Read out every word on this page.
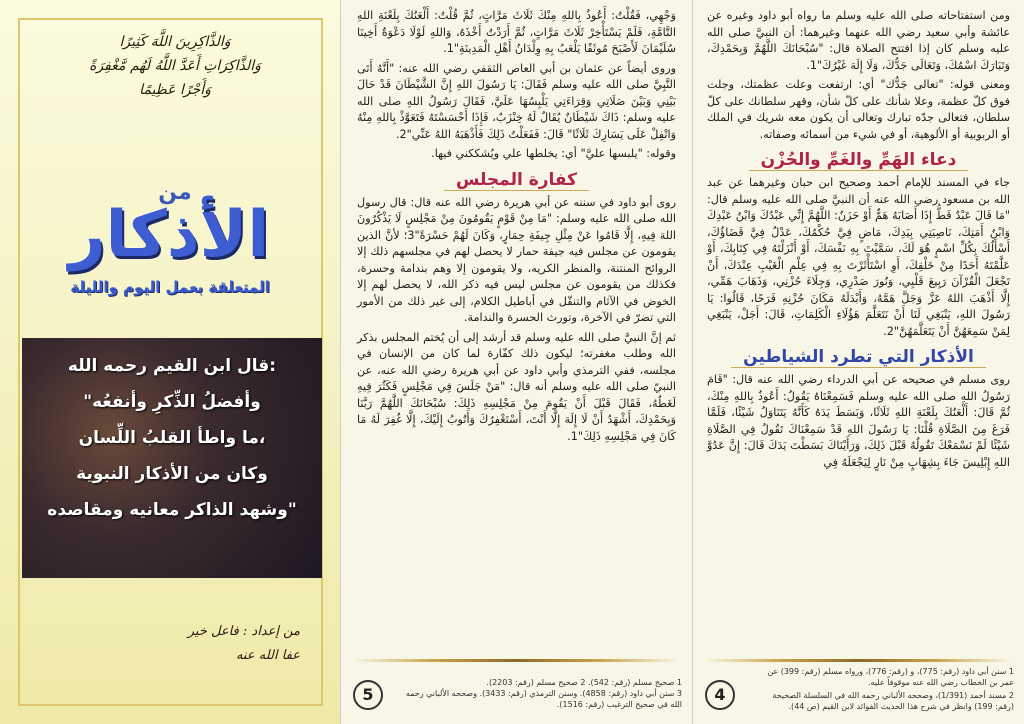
وَالذَّاكِرِينَ اللَّهَ كَثِيرًا
وَالذَّاكِرَاتِ أَعَدَّ اللَّهُ لَهُم مَّغْفِرَةً
وَأَجْرًا عَظِيمًا
من
الأذكار
المتعلقة بعمل اليوم والليلة
قال ابن القيم رحمه الله:
"وأفضلُ الذِّكرِ وأنفعُه
ما واطأ القلبُ اللِّسان،
وكان من الأذكار النبوية
وشهد الذاكر معانيه ومقاصده"
من إعداد : فاعل خير
عفا الله عنه

وَجْهِي، فَقُلْتُ: أَعُوذُ بِاللهِ مِنْكَ ثَلَاثَ مَرَّاتٍ، ثُمَّ قُلْتُ: أَلْعَنُكَ بِلَعْنَةِ اللهِ التَّامَّةِ، فَلَمْ يَسْتَأْخِرْ ثَلَاثَ مَرَّاتٍ، ثُمَّ أَرَدْتُ أَخْذَهُ، وَاللهِ لَوْلَا دَعْوَةُ أَخِينَا سُلَيْمَانَ لَأَصْبَحَ مُوثَقًا يَلْعَبُ بِهِ وِلْدَانُ أَهْلِ الْمَدِينَةِ"1.

وروى أيضاً عن عثمان بن أبي العاص الثقفي رضي الله عنه: "أَنَّهُ أَتَى النَّبِيَّ صلى الله عليه وسلم فَقَالَ: يَا رَسُولَ اللهِ إِنَّ الشَّيْطَانَ قَدْ حَالَ بَيْنِي وَبَيْنَ صَلَاتِي وَقِرَاءَتِي يَلْبِسُهَا عَلَيَّ، فَقَالَ رَسُولُ اللهِ صلى الله عليه وسلم: ذَاكَ شَيْطَانٌ يُقَالُ لَهُ خِنْزَبٌ، فَإِذَا أَحْسَسْتَهُ فَتَعَوَّذْ بِاللهِ مِنْهُ وَاتْفِلْ عَلَى يَسَارِكَ ثَلَاثًا" قَالَ: فَفَعَلْتُ ذَلِكَ فَأَذْهَبَهُ اللهُ عَنِّي"2.

وقوله: "يلبسها عليَّ" أي: يخلطها علي ويُشككني فيها.

كفارة المجلس

روى أبو داود في سننه عن أبي هريرة رضي الله عنه قال: قال رسول الله صلى الله عليه وسلم: "مَا مِنْ قَوْمٍ يَقُومُونَ مِنْ مَجْلِسٍ لَا يَذْكُرُونَ اللهَ فِيهِ، إِلَّا قَامُوا عَنْ مِثْلِ جِيفَةِ حِمَارٍ، وَكَانَ لَهُمْ حَسْرَةً"3؛ لأنَّ الذين يقومون عن مجلس فيه جيفة حمار لا يحصل لهم في مجلسهم ذلك إلا الروائح المنتنة، والمنظر الكريه، ولا يقومون إلا وهم بندامة وحسرة، فكذلك من يقومون عن مجلس ليس فيه ذكر الله، لا يحصل لهم إلا الخوض في الآثام والتنقّل في أباطيل الكلام، إلى غير ذلك من الأمور التي تضرّ في الآخرة، وتورث الحسرة والندامة.

ثم إنَّ النبيَّ صلى الله عليه وسلم قد أرشد إلى أن يُختم المجلس بذكر الله وطلب مغفرته؛ ليكون ذلك كفّارة لما كان من الإنسان في مجلسه، ففي الترمذي وأبي داود عن أبي هريرة رضي الله عنه، عن النبيّ صلى الله عليه وسلم أنه قال: "مَنْ جَلَسَ فِي مَجْلِسٍ فَكَثُرَ فِيهِ لَغَطُهُ، فَقَالَ قَبْلَ أَنْ يَقُومَ مِنْ مَجْلِسِهِ ذَلِكَ: سُبْحَانَكَ اللَّهُمَّ رَبَّنَا وَبِحَمْدِكَ، أَشْهَدُ أَنْ لَا إِلَهَ إِلَّا أَنْتَ، أَسْتَغْفِرُكَ وَأَتُوبُ إِلَيْكَ، إِلَّا غُفِرَ لَهُ مَا كَانَ فِي مَجْلِسِهِ ذَلِكَ"1.

1 صحيح مسلم (رقم: 542). 2 صحيح مسلم (رقم: 2203).
3 سنن أبي داود (رقم: 4858). وسنن الترمذي (رقم: 3433). وصححه الألباني رحمه الله في صحيح الترغيب (رقم: 1516).
5

ومن استفتاحاته صلى الله عليه وسلم ما رواه أبو داود وغيره عن عائشة وأبي سعيد رضي الله عنهما وغيرهما: أن النبيَّ صلى الله عليه وسلم كان إذا افتتح الصلاة قال: "سُبْحَانَكَ اللَّهُمَّ وَبِحَمْدِكَ، وَتَبَارَكَ اسْمُكَ، وَتَعَالَى جَدُّكَ، وَلَا إِلَهَ غَيْرُكَ"1.

ومعنى قوله: "تعالى جَدُّك" أي: ارتفعت وعلت عظمتك، وجلت فوق كلّ عظمة، وعلا شأنك على كلّ شأن، وقهر سلطانك على كلّ سلطان، فتعالى جدّه تبارك وتعالى أن يكون معه شريك في الملك أو الربوبية أو الألوهية، أو في شيء من أسمائه وصفاته.

دعاء الهَمِّ والغَمِّ والحُزْن

جاء في المسند للإمام أحمد وصحيح ابن حبان وغيرهما عن عبد الله بن مسعود رضي الله عنه أن النبيَّ صلى الله عليه وسلم قال: "مَا قَالَ عَبْدٌ قَطُّ إِذَا أَصَابَهُ هَمٌّ أَوْ حَزَنٌ: اللَّهُمَّ إِنِّي عَبْدُكَ وَابْنُ عَبْدِكَ وَابْنُ أَمَتِكَ، نَاصِيَتِي بِيَدِكَ، مَاضٍ فِيَّ حُكْمُكَ، عَدْلٌ فِيَّ قَضَاؤُكَ، أَسْأَلُكَ بِكُلِّ اسْمٍ هُوَ لَكَ، سَمَّيْتَ بِهِ نَفْسَكَ، أَوْ أَنْزَلْتَهُ فِي كِتَابِكَ، أَوْ عَلَّمْتَهُ أَحَدًا مِنْ خَلْقِكَ، أَوِ اسْتَأْثَرْتَ بِهِ فِي عِلْمِ الْغَيْبِ عِنْدَكَ، أَنْ تَجْعَلَ الْقُرْآنَ رَبِيعَ قَلْبِي، وَنُورَ صَدْرِي، وَجِلَاءَ حُزْنِي، وَذَهَابَ هَمِّي، إِلَّا أَذْهَبَ اللهُ عَزَّ وَجَلَّ هَمَّهُ، وَأَبْدَلَهُ مَكَانَ حُزْنِهِ فَرَحًا، قَالُوا: يَا رَسُولَ اللهِ، يَنْبَغِي لَنَا أَنْ نَتَعَلَّمَ هَؤُلَاءِ الْكَلِمَاتِ، قَالَ: أَجَلْ، يَنْبَغِي لِمَنْ سَمِعَهُنَّ أَنْ يَتَعَلَّمَهُنَّ"2.

الأذكار التي تطرد الشياطين

روى مسلم في صحيحه عن أبي الدرداء رضي الله عنه قال: "قَامَ رَسُولُ اللهِ صلى الله عليه وسلم فَسَمِعْنَاهُ يَقُولُ: أَعُوذُ بِاللهِ مِنْكَ، ثُمَّ قَالَ: أَلْعَنُكَ بِلَعْنَةِ اللهِ ثَلَاثًا، وَبَسَطَ يَدَهُ كَأَنَّهُ يَتَنَاوَلُ شَيْئًا، فَلَمَّا فَرَغَ مِنَ الصَّلَاةِ قُلْنَا: يَا رَسُولَ اللهِ قَدْ سَمِعْنَاكَ تَقُولُ فِي الصَّلَاةِ شَيْئًا لَمْ نَسْمَعْكَ تَقُولُهُ قَبْلَ ذَلِكَ، وَرَأَيْنَاكَ بَسَطْتَ يَدَكَ قَالَ: إِنَّ عَدُوَّ اللهِ إِبْلِيسَ جَاءَ بِشِهَابٍ مِنْ نَارٍ لِيَجْعَلَهُ فِي

1 سنن أبي داود (رقم: 775)، و (رقم: 776)، ورواه مسلم (رقم: 399) عن عمر بن الخطاب رضي الله عنه موقوفاً عليه.
2 مسند أحمد (1/391)، وصححه الألباني رحمه الله في السلسلة الصحيحة (رقم: 199) وانظر في شرح هذا الحديث الفوائد لابن القيم (ص 44).
4
